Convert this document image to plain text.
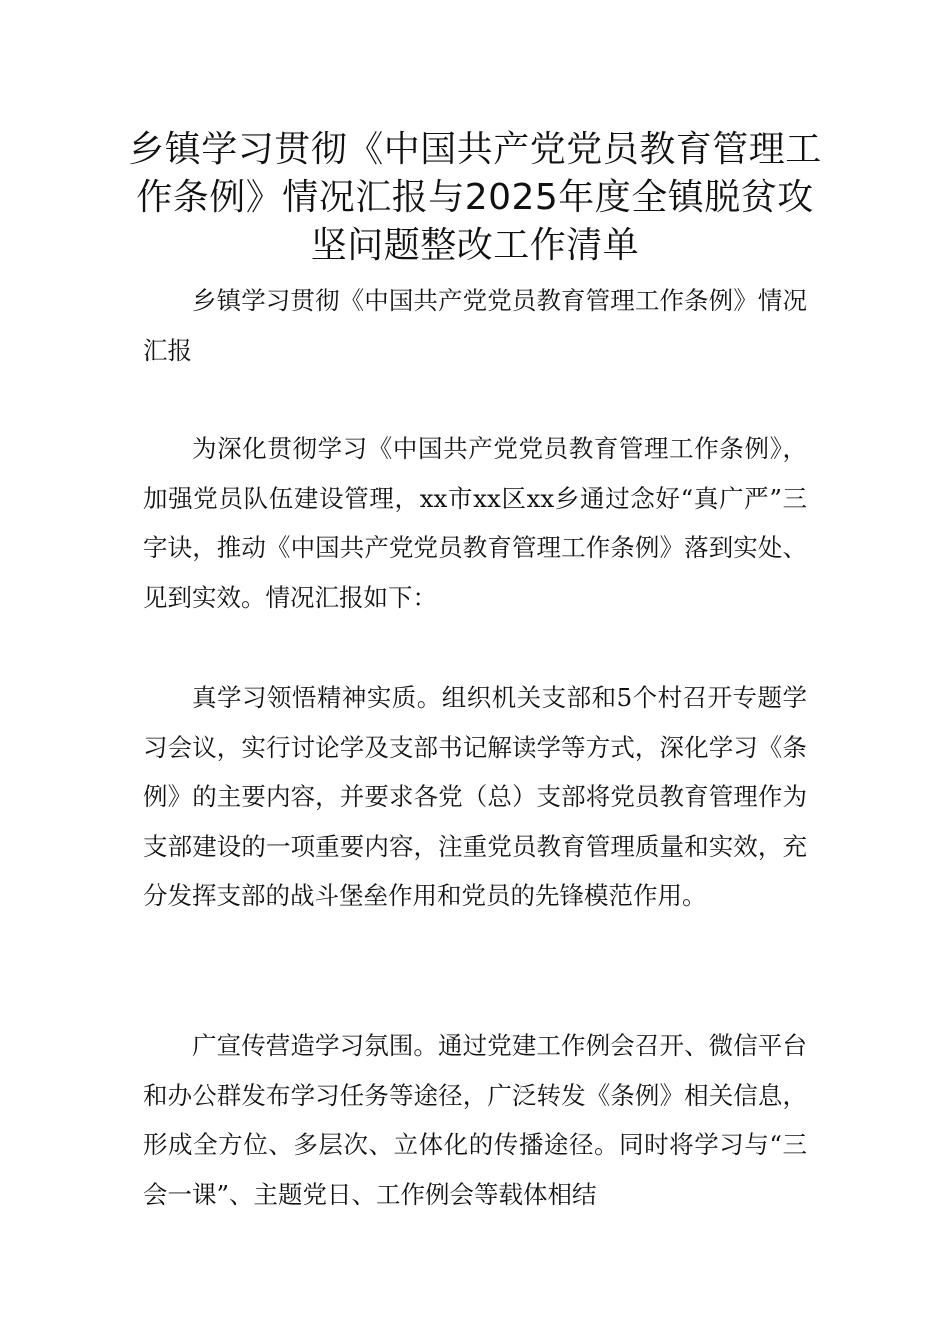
乡镇学习贯彻《中国共产党党员教育管理工作条例》情况汇报与2025年度全镇脱贫攻坚问题整改工作清单

乡镇学习贯彻《中国共产党党员教育管理工作条例》情况汇报

为深化贯彻学习《中国共产党党员教育管理工作条例》，加强党员队伍建设管理，xx市xx区xx乡通过念好“真广严”三字诀，推动《中国共产党党员教育管理工作条例》落到实处、见到实效。情况汇报如下：

真学习领悟精神实质。组织机关支部和5个村召开专题学习会议，实行讨论学及支部书记解读学等方式，深化学习《条例》的主要内容，并要求各党（总）支部将党员教育管理作为支部建设的一项重要内容，注重党员教育管理质量和实效，充分发挥支部的战斗堡垒作用和党员的先锋模范作用。

广宣传营造学习氛围。通过党建工作例会召开、微信平台和办公群发布学习任务等途径，广泛转发《条例》相关信息，形成全方位、多层次、立体化的传播途径。同时将学习与“三会一课”、主题党日、工作例会等载体相结
